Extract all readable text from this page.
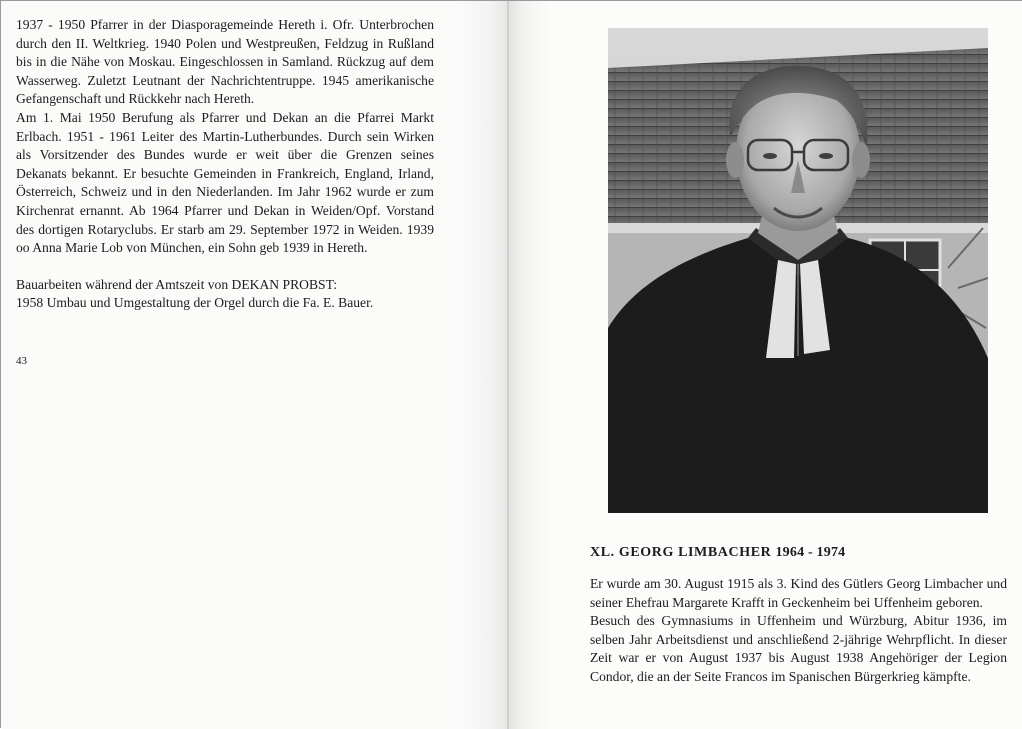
1937 - 1950 Pfarrer in der Diasporagemeinde Hereth i. Ofr. Unterbrochen durch den II. Weltkrieg. 1940 Polen und Westpreußen, Feldzug in Rußland bis in die Nähe von Moskau. Eingeschlossen in Samland. Rückzug auf dem Wasserweg. Zuletzt Leutnant der Nachrichtentruppe. 1945 amerikanische Gefangenschaft und Rückkehr nach Hereth.

Am 1. Mai 1950 Berufung als Pfarrer und Dekan an die Pfarrei Markt Erlbach. 1951 - 1961 Leiter des Martin-Lutherbundes. Durch sein Wirken als Vorsitzender des Bundes wurde er weit über die Grenzen seines Dekanats bekannt. Er besuchte Gemeinden in Frankreich, England, Irland, Österreich, Schweiz und in den Niederlanden. Im Jahr 1962 wurde er zum Kirchenrat ernannt. Ab 1964 Pfarrer und Dekan in Weiden/Opf. Vorstand des dortigen Rotaryclubs. Er starb am 29. September 1972 in Weiden. 1939 oo Anna Marie Lob von München, ein Sohn geb 1939 in Hereth.

Bauarbeiten während der Amtszeit von DEKAN PROBST:

1958 Umbau und Umgestaltung der Orgel durch die Fa. E. Bauer.

43
XL. GEORG LIMBACHER 1964 - 1974

Er wurde am 30. August 1915 als 3. Kind des Gütlers Georg Limbacher und seiner Ehefrau Margarete Krafft in Geckenheim bei Uffenheim geboren.

Besuch des Gymnasiums in Uffenheim und Würzburg, Abitur 1936, im selben Jahr Arbeitsdienst und anschließend 2-jährige Wehrpflicht. In dieser Zeit war er von August 1937 bis August 1938 Angehöriger der Legion Condor, die an der Seite Francos im Spanischen Bürgerkrieg kämpfte.
